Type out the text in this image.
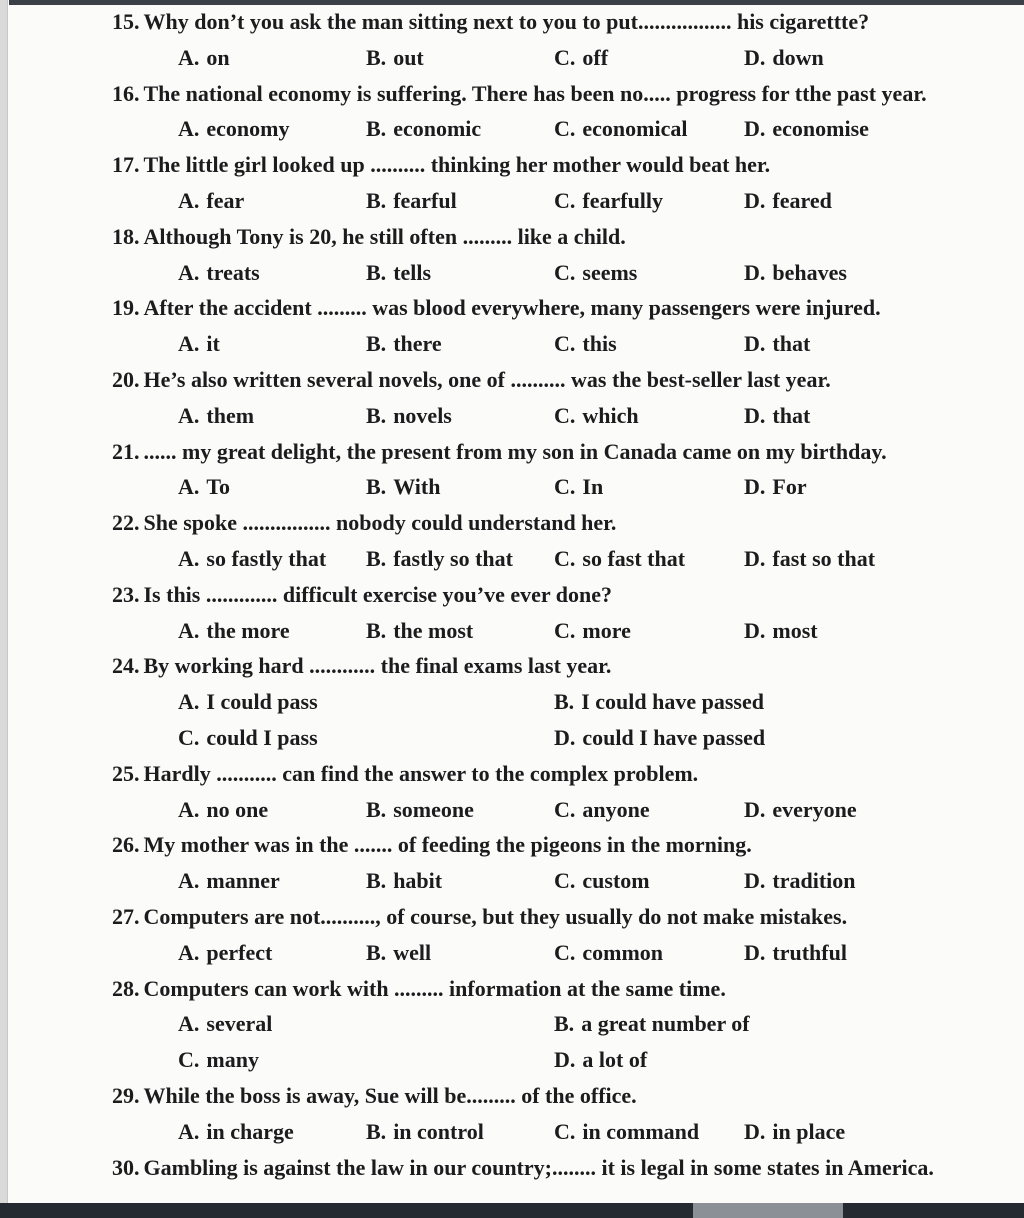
15. Why don’t you ask the man sitting next to you to put................. his cigarettte?

A. on	B. out	C. off	D. down

16. The national economy is suffering. There has been no..... progress for tthe past year.

A. economy	B. economic	C. economical	D. economise

17. The little girl looked up .......... thinking her mother would beat her.

A. fear	B. fearful	C. fearfully	D. feared

18. Although Tony is 20, he still often ......... like a child.

A. treats	B. tells	C. seems	D. behaves

19. After the accident ......... was blood everywhere, many passengers were injured.

A. it	B. there	C. this	D. that

20. He’s also written several novels, one of .......... was the best-seller last year.

A. them	B. novels	C. which	D. that

21. ...... my great delight, the present from my son in Canada came on my birthday.

A. To	B. With	C. In	D. For

22. She spoke ................ nobody could understand her.

A. so fastly that	B. fastly so that	C. so fast that	D. fast so that

23. Is this ............. difficult exercise you’ve ever done?

A. the more	B. the most	C. more	D. most

24. By working hard ............ the final exams last year.

A. I could pass	B. I could have passed
C. could I pass	D. could I have passed

25. Hardly ........... can find the answer to the complex problem.

A. no one	B. someone	C. anyone	D. everyone

26. My mother was in the ....... of feeding the pigeons in the morning.

A. manner	B. habit	C. custom	D. tradition

27. Computers are not.........., of course, but they usually do not make mistakes.

A. perfect	B. well	C. common	D. truthful

28. Computers can work with ......... information at the same time.

A. several	B. a great number of
C. many	D. a lot of

29. While the boss is away, Sue will be......... of the office.

A. in charge	B. in control	C. in command	D. in place

30. Gambling is against the law in our country;........ it is legal in some states in America.
